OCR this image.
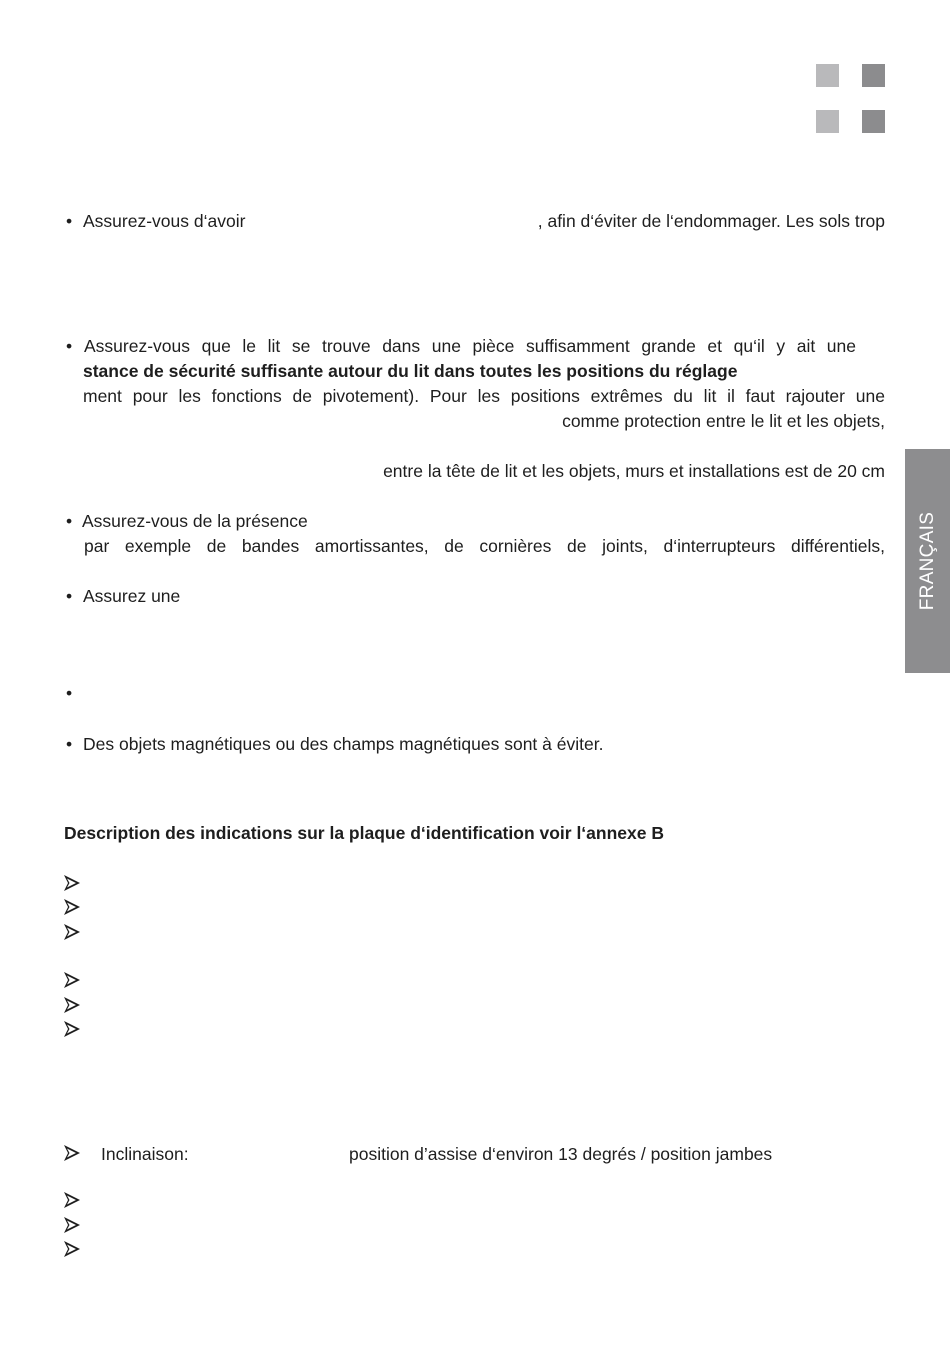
FRANÇAIS
• Assurez-vous d‘avoir	, afin d‘éviter de l‘endommager. Les sols trop
• Assurez-vous que le lit se trouve dans une pièce suffisamment grande et qu‘il y ait une
stance de sécurité suffisante autour du lit dans toutes les positions du réglage
ment pour les fonctions de pivotement). Pour les positions extrêmes du lit il faut rajouter une
comme protection entre le lit et les objets,
entre la tête de lit et les objets, murs et installations est de 20 cm
• Assurez-vous de la présence
par exemple de bandes amortissantes, de cornières de joints, d‘interrupteurs différentiels,
• Assurez une
•
• Des objets magnétiques ou des champs magnétiques sont à éviter.
Description des indications sur la plaque d‘identification voir l‘annexe B
Inclinaison:	position d’assise d‘environ 13 degrés / position jambes
